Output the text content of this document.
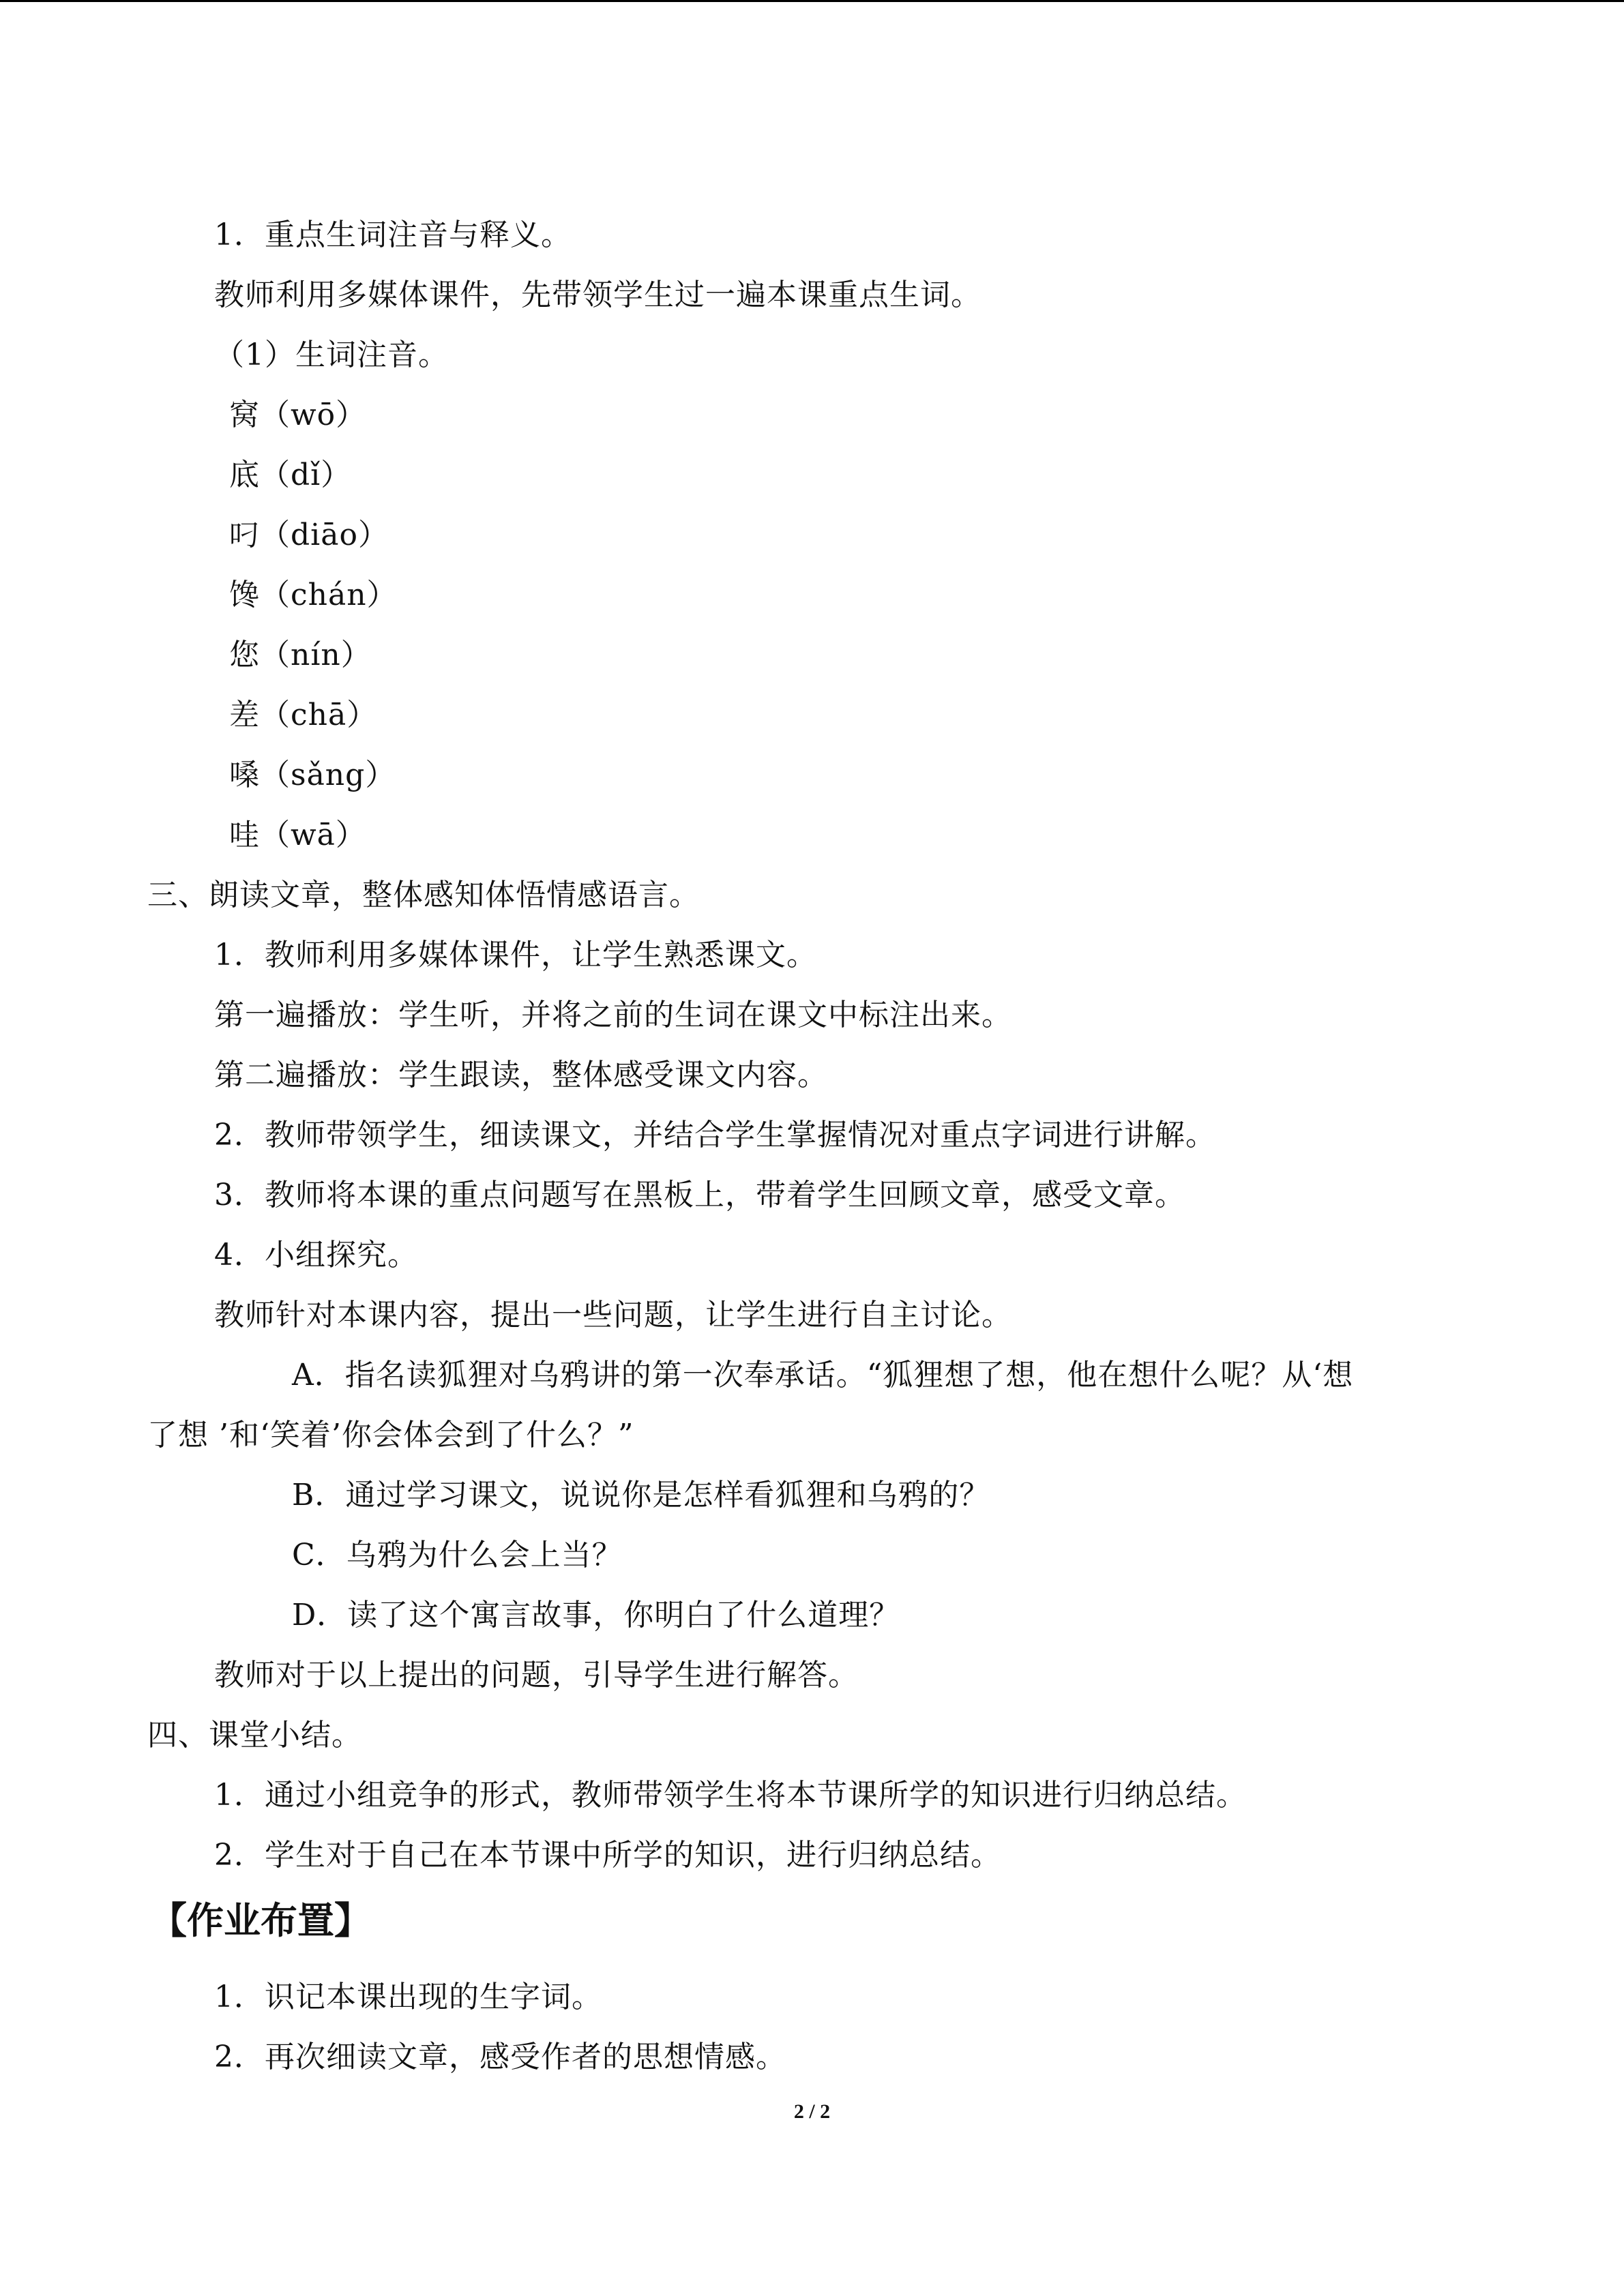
1．重点生词注音与释义。
教师利用多媒体课件，先带领学生过一遍本课重点生词。
（1）生词注音。
窝（wō）
底（dǐ）
叼（diāo）
馋（chán）
您（nín）
差（chā）
嗓（sǎng）
哇（wā）
三、朗读文章，整体感知体悟情感语言。
1．教师利用多媒体课件，让学生熟悉课文。
第一遍播放：学生听，并将之前的生词在课文中标注出来。
第二遍播放：学生跟读，整体感受课文内容。
2．教师带领学生，细读课文，并结合学生掌握情况对重点字词进行讲解。
3．教师将本课的重点问题写在黑板上，带着学生回顾文章，感受文章。
4．小组探究。
教师针对本课内容，提出一些问题，让学生进行自主讨论。
A．指名读狐狸对乌鸦讲的第一次奉承话。“狐狸想了想，他在想什么呢？从‘想
了想 ’和‘笑着’你会体会到了什么？”
B．通过学习课文，说说你是怎样看狐狸和乌鸦的？
C．乌鸦为什么会上当？
D．读了这个寓言故事，你明白了什么道理？
教师对于以上提出的问题，引导学生进行解答。
四、课堂小结。
1．通过小组竞争的形式，教师带领学生将本节课所学的知识进行归纳总结。
2．学生对于自己在本节课中所学的知识，进行归纳总结。
【作业布置】
1．识记本课出现的生字词。
2．再次细读文章，感受作者的思想情感。
2 / 2
